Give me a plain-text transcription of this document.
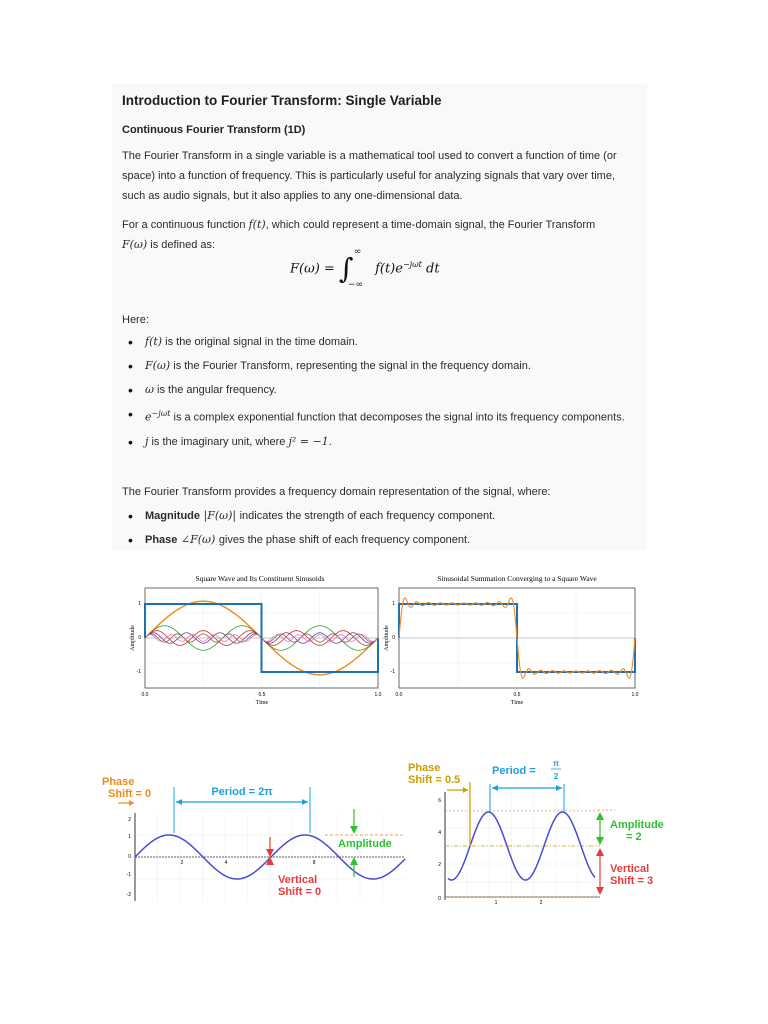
Introduction to Fourier Transform: Single Variable
Continuous Fourier Transform (1D)

The Fourier Transform in a single variable is a mathematical tool used to convert a function of time (or space) into a function of frequency. This is particularly useful for analyzing signals that vary over time, such as audio signals, but it also applies to any one-dimensional data.

For a continuous function f(t), which could represent a time-domain signal, the Fourier Transform
F(ω) is defined as:

F(ω) = ∫ ∞
−∞
$f(t)e^{-j\omega t}$ dt

Here:

• f(t) is the original signal in the time domain.
• F(ω) is the Fourier Transform, representing the signal in the frequency domain.
• ω is the angular frequency.
• $e^{-j\omega t}$ is a complex exponential function that decomposes the signal into its frequency components.
• j is the imaginary unit, where j² = −1.

The Fourier Transform provides a frequency domain representation of the signal, where:

• Magnitude |F(ω)| indicates the strength of each frequency component.
• Phase ∠F(ω) gives the phase shift of each frequency component.
Square Wave and Its Constituent Sinusoids
Amplitude
1
0
-1
0.0	0.5	1.0
Time
Sinusoidal Summation Converging to a Square Wave
Amplitude
1
0
-1
0.0	0.5	1.0
Time
2
1
0
-1
-2
2	4	8
Phase
Shift = 0	Period = 2π
Vertical
Shift = 0
Amplitude
6
4
2
0
1	2
Phase
Shift = 0.5
Period =
π
2
Amplitude
= 2
Vertical
Shift = 3
